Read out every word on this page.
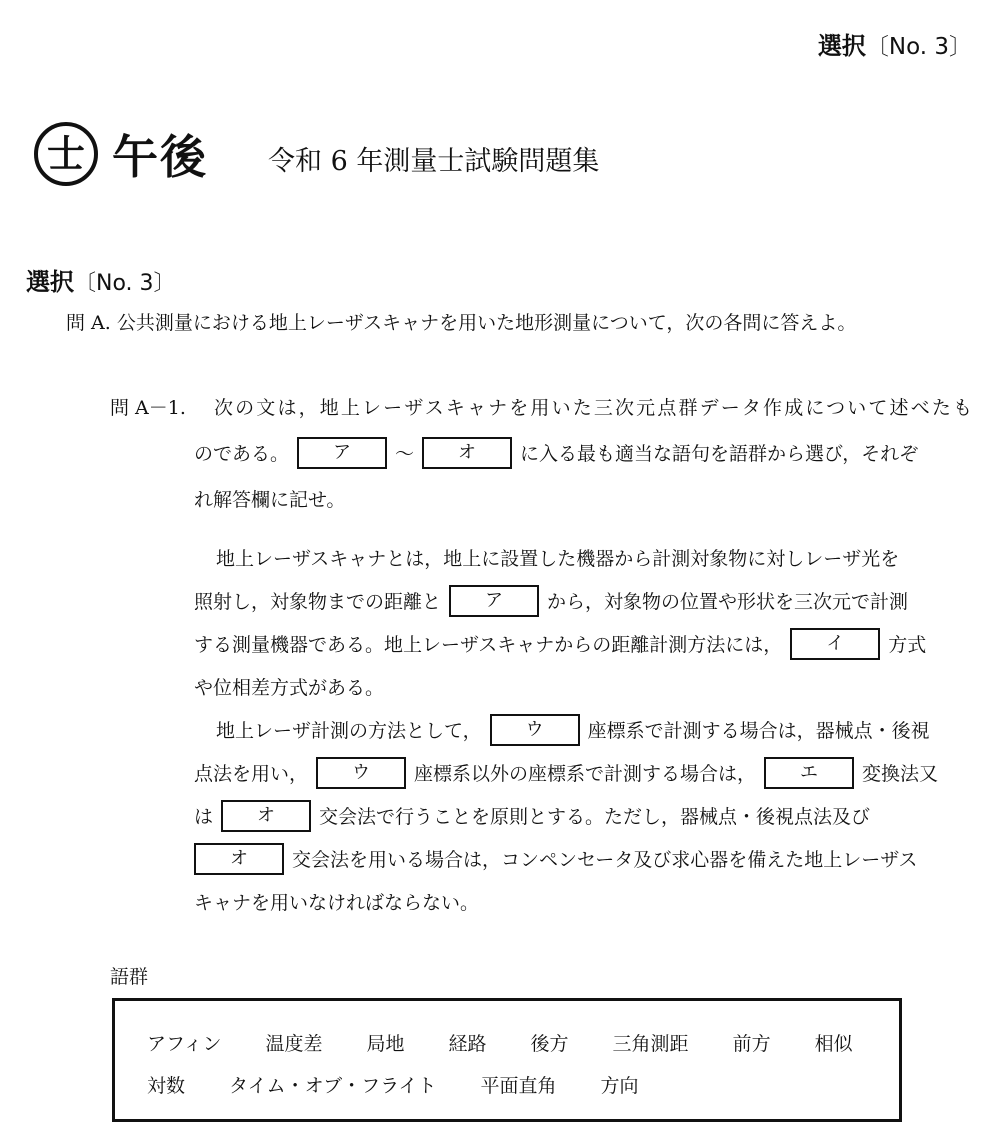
選択〔No. 3〕
士 午後 令和 6 年測量士試験問題集
選択〔No. 3〕
問 A. 公共測量における地上レーザスキャナを用いた地形測量について，次の各問に答えよ。
問 A－1.	次の文は，地上レーザスキャナを用いた三次元点群データ作成について述べたも
のである。 ア ～ オ に入る最も適当な語句を語群から選び，それぞ
れ解答欄に記せ。
地上レーザスキャナとは，地上に設置した機器から計測対象物に対しレーザ光を
照射し，対象物までの距離と ア から，対象物の位置や形状を三次元で計測
する測量機器である。地上レーザスキャナからの距離計測方法には， イ 方式
や位相差方式がある。
地上レーザ計測の方法として， ウ 座標系で計測する場合は，器械点・後視
点法を用い， ウ 座標系以外の座標系で計測する場合は， エ 変換法又
は オ 交会法で行うことを原則とする。ただし，器械点・後視点法及び
オ 交会法を用いる場合は，コンペンセータ及び求心器を備えた地上レーザス
キャナを用いなければならない。
語群
アフィン 温度差 局地 経路 後方 三角測距 前方 相似
対数 タイム・オブ・フライト 平面直角 方向
